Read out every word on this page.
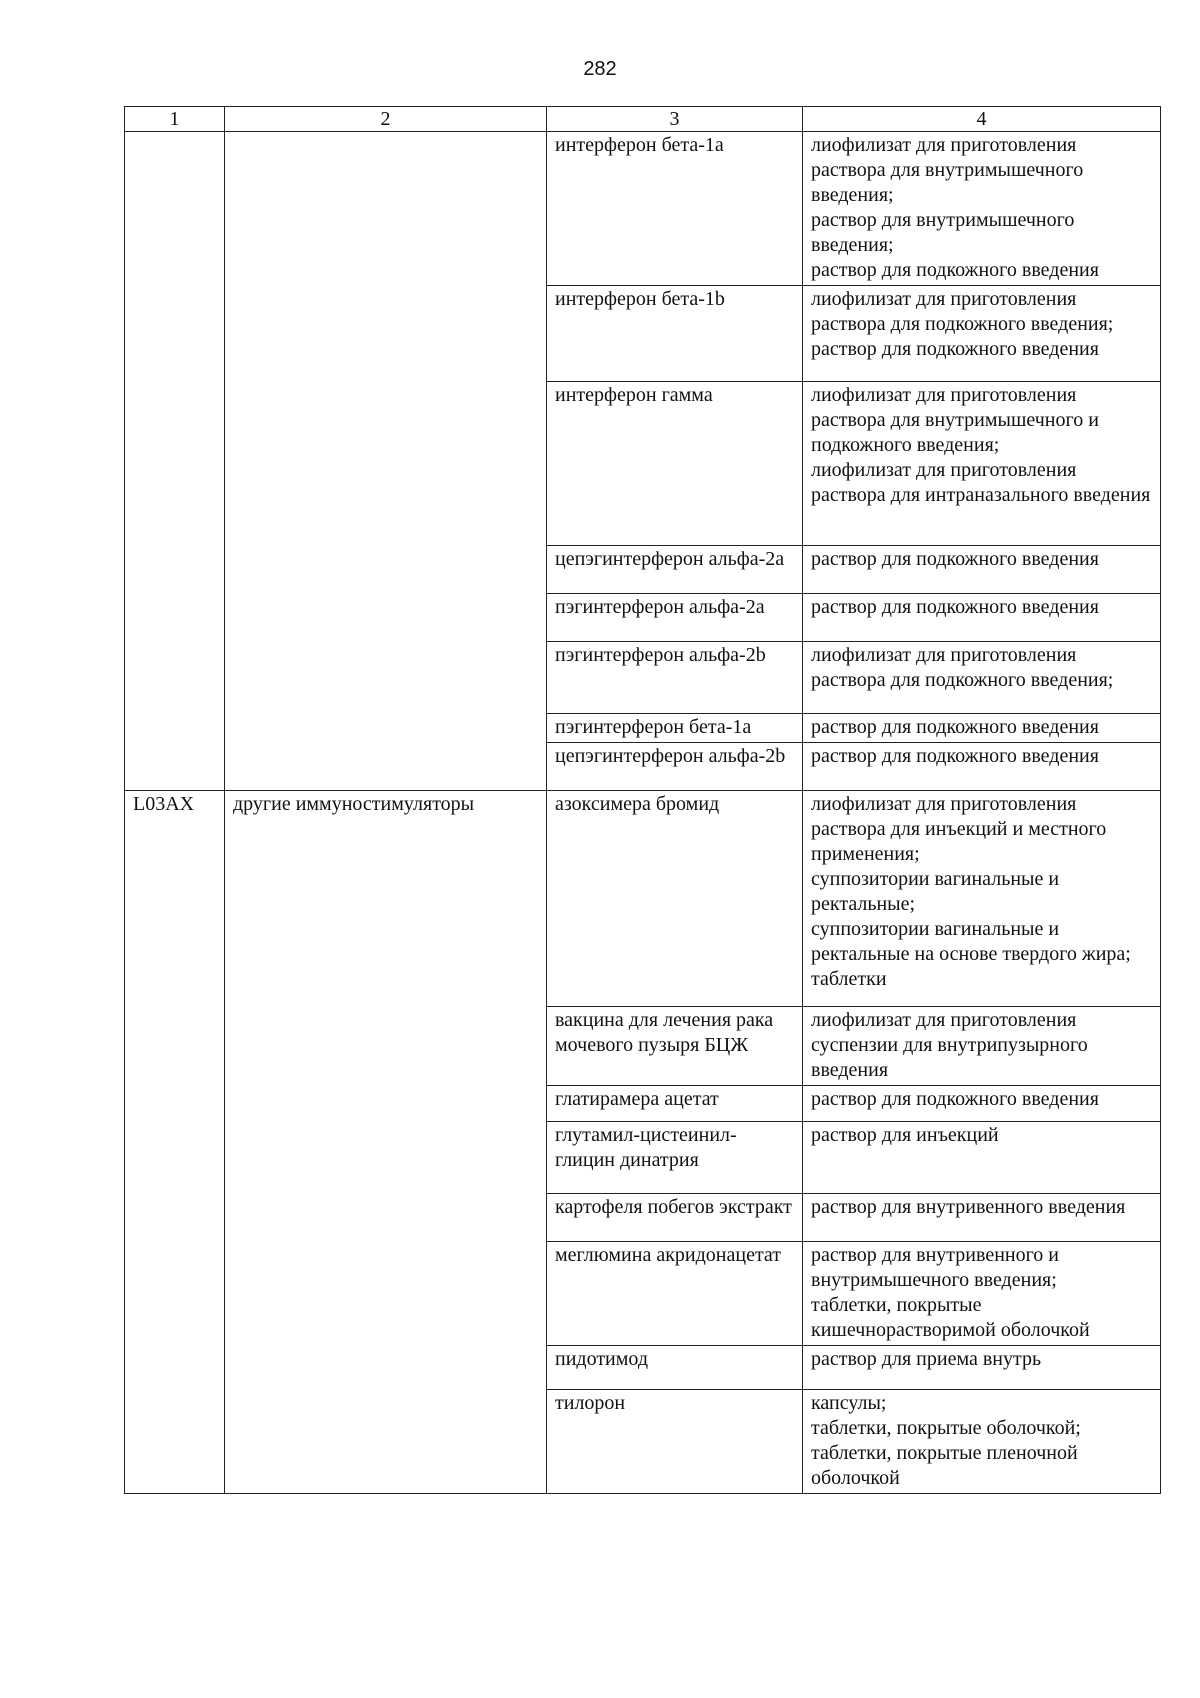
282
1	2	3	4
		интерферон бета-1a	лиофилизат для приготовления раствора для внутримышечного введения;
раствор для внутримышечного введения;
раствор для подкожного введения

		интерферон бета-1b	лиофилизат для приготовления раствора для подкожного введения;
раствор для подкожного введения

		интерферон гамма	лиофилизат для приготовления раствора для внутримышечного и подкожного введения;
лиофилизат для приготовления раствора для интраназального введения

		цепэгинтерферон альфа-2а	раствор для подкожного введения

		пэгинтерферон альфа-2а	раствор для подкожного введения

		пэгинтерферон альфа-2b	лиофилизат для приготовления раствора для подкожного введения;

		пэгинтерферон бета-1а	раствор для подкожного введения

		цепэгинтерферон альфа-2b	раствор для подкожного введения

L03AX	другие иммуностимуляторы	азоксимера бромид	лиофилизат для приготовления раствора для инъекций и местного применения;
суппозитории вагинальные и ректальные;
суппозитории вагинальные и ректальные на основе твердого жира;
таблетки

		вакцина для лечения рака мочевого пузыря БЦЖ	лиофилизат для приготовления суспензии для внутрипузырного введения

		глатирамера ацетат	раствор для подкожного введения

		глутамил-цистеинил-глицин динатрия	раствор для инъекций

		картофеля побегов экстракт	раствор для внутривенного введения

		меглюмина акридонацетат	раствор для внутривенного и внутримышечного введения;
таблетки, покрытые кишечнорастворимой оболочкой

		пидотимод	раствор для приема внутрь

		тилорон	капсулы;
таблетки, покрытые оболочкой;
таблетки, покрытые пленочной оболочкой
